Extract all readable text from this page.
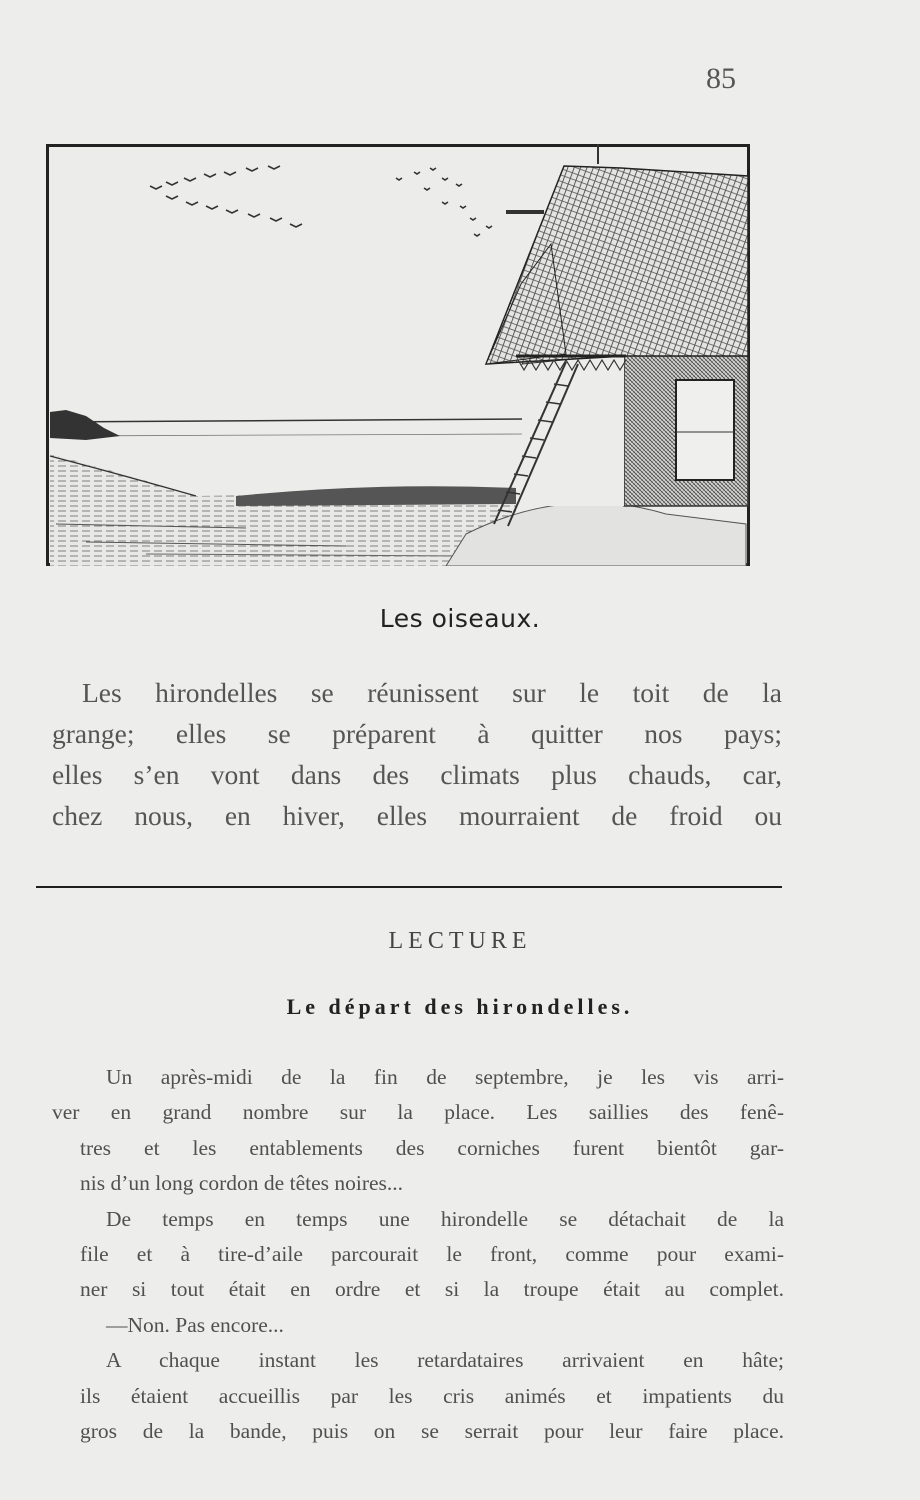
85
Les oiseaux.
Les hirondelles se réunissent sur le toit de la
grange; elles se préparent à quitter nos pays;
elles s’en vont dans des climats plus chauds, car,
chez nous, en hiver, elles mourraient de froid ou
LECTURE
Le départ des hirondelles.
Un après-midi de la fin de septembre, je les vis arri-
ver en grand nombre sur la place. Les saillies des fenê-
tres et les entablements des corniches furent bientôt gar-
nis d’un long cordon de têtes noires...
De temps en temps une hirondelle se détachait de la
file et à tire-d’aile parcourait le front, comme pour exami-
ner si tout était en ordre et si la troupe était au complet.
—Non. Pas encore...
A chaque instant les retardataires arrivaient en hâte;
ils étaient accueillis par les cris animés et impatients du
gros de la bande, puis on se serrait pour leur faire place.
